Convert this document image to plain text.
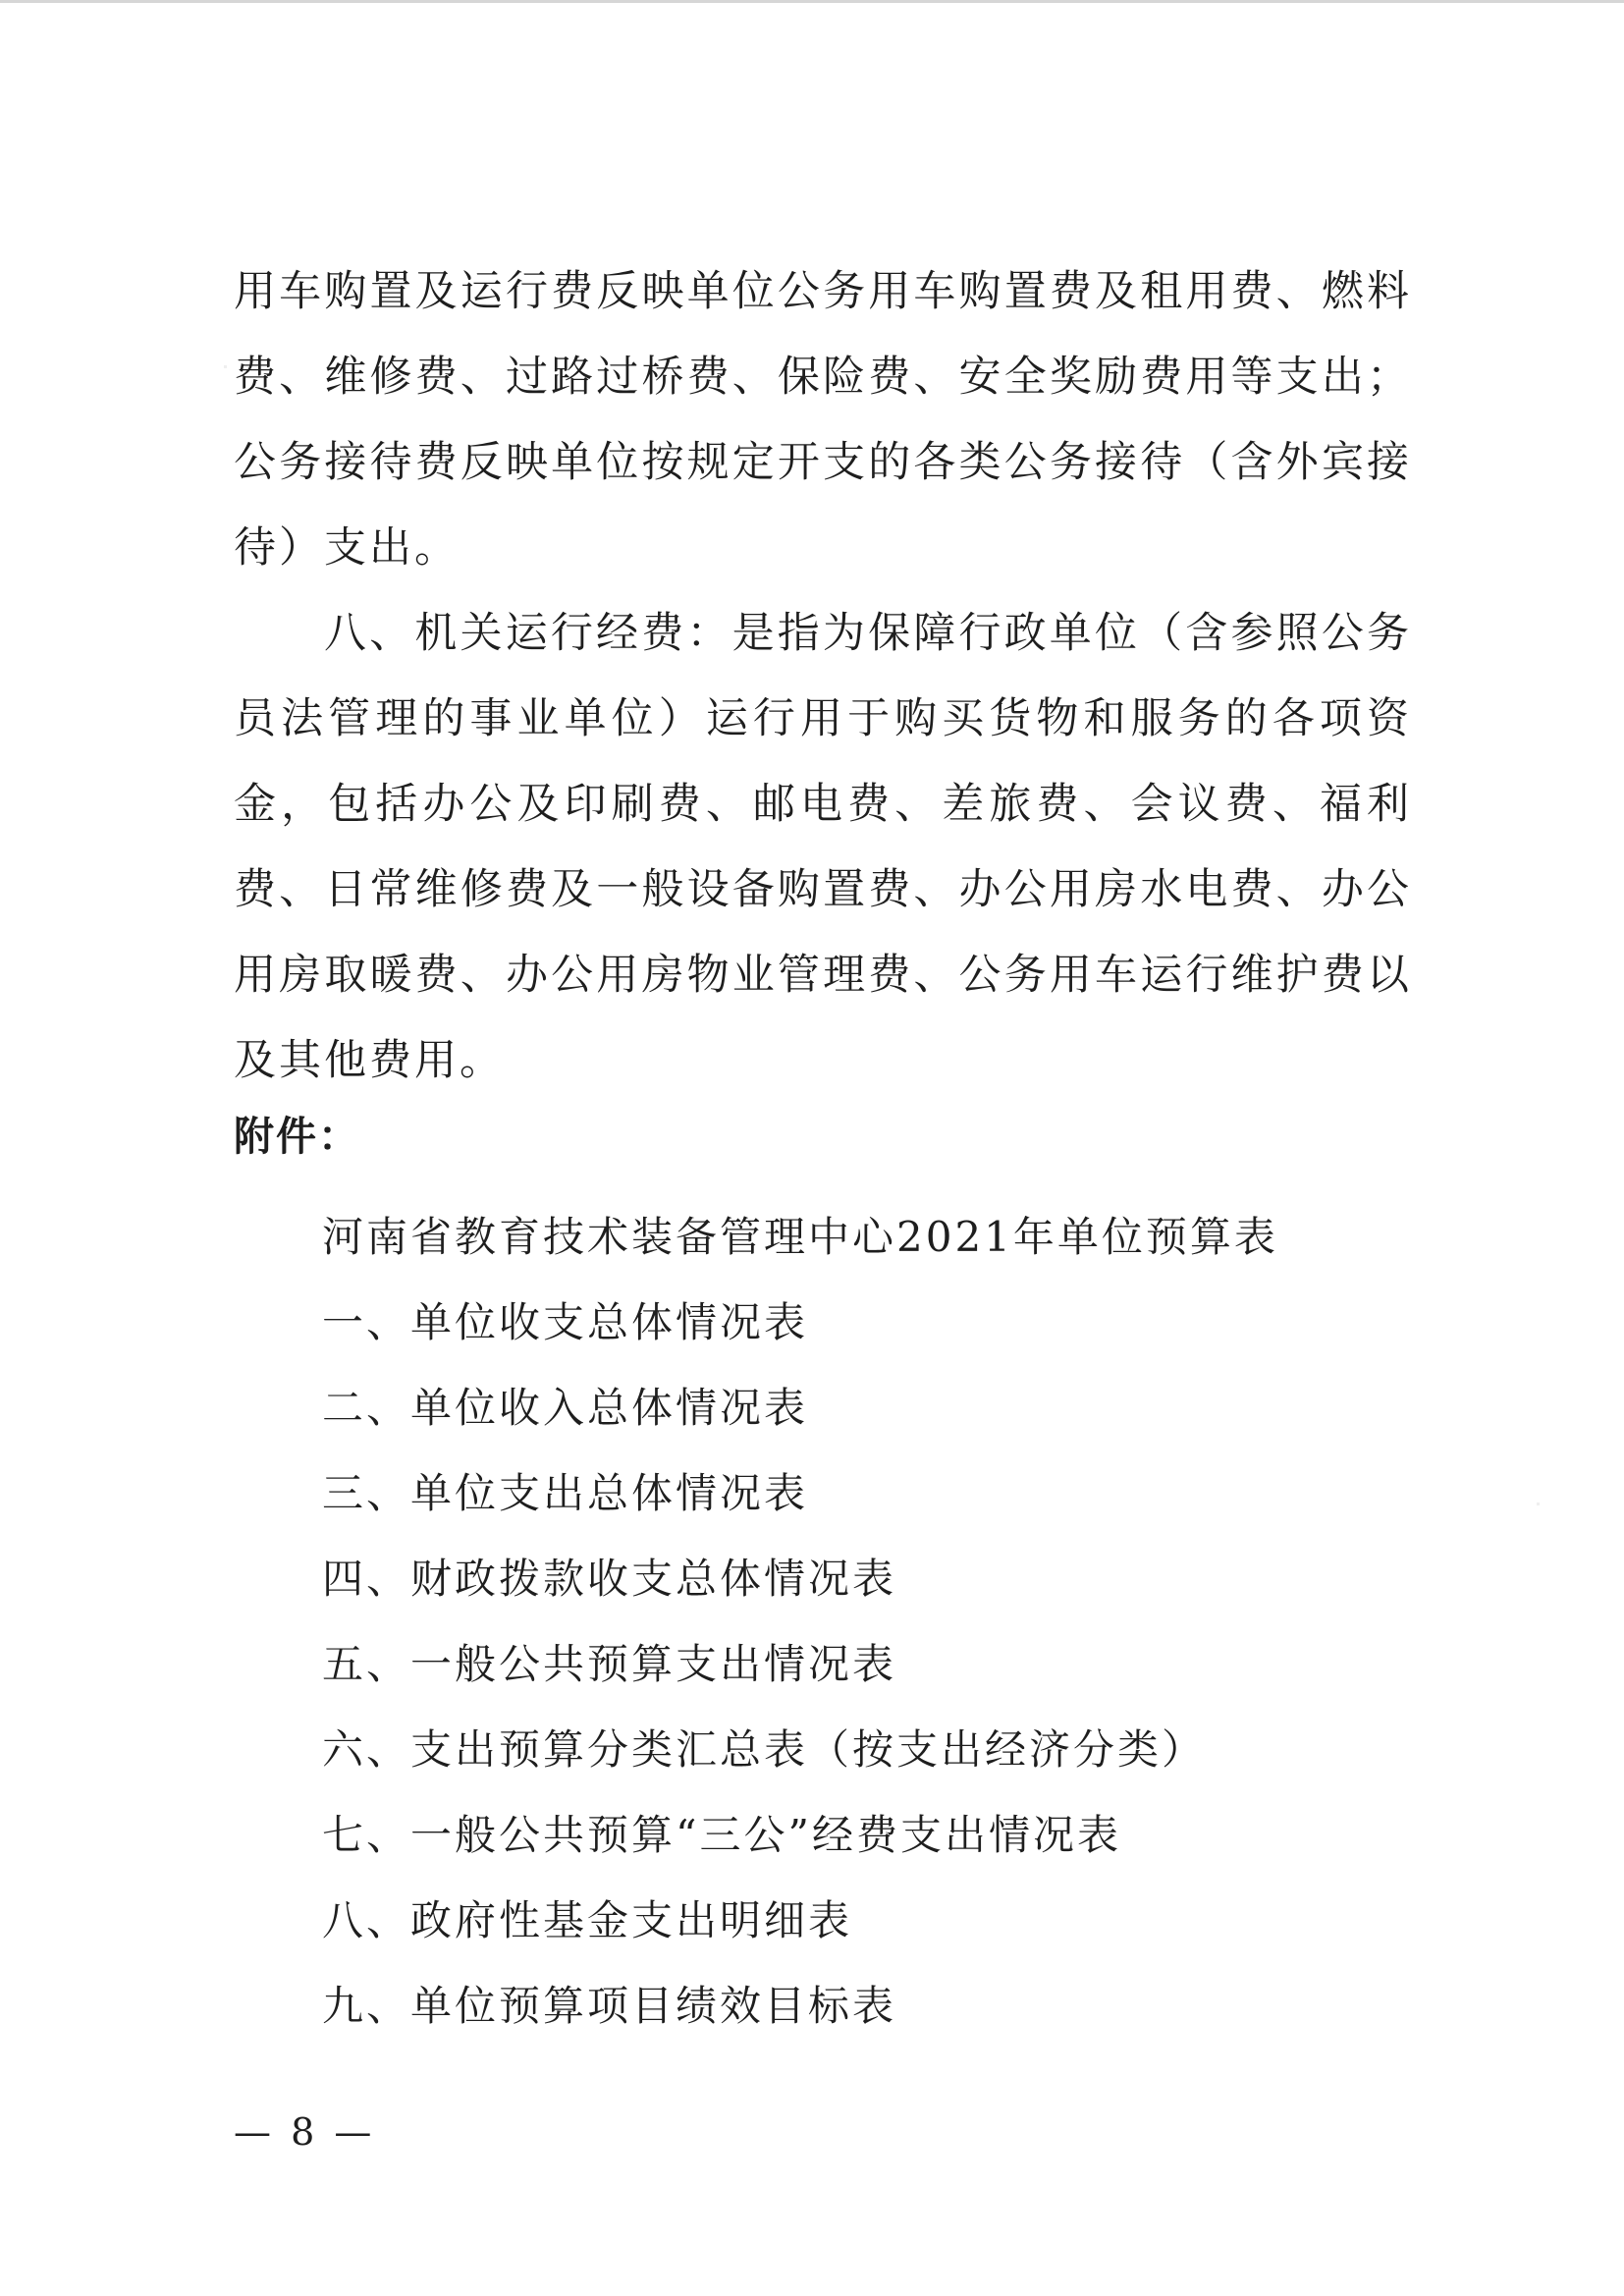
用车购置及运行费反映单位公务用车购置费及租用费、燃料费、维修费、过路过桥费、保险费、安全奖励费用等支出；公务接待费反映单位按规定开支的各类公务接待（含外宾接待）支出。

八、机关运行经费：是指为保障行政单位（含参照公务员法管理的事业单位）运行用于购买货物和服务的各项资金，包括办公及印刷费、邮电费、差旅费、会议费、福利费、日常维修费及一般设备购置费、办公用房水电费、办公用房取暖费、办公用房物业管理费、公务用车运行维护费以及其他费用。

附件：

河南省教育技术装备管理中心2021年单位预算表
一、单位收支总体情况表
二、单位收入总体情况表
三、单位支出总体情况表
四、财政拨款收支总体情况表
五、一般公共预算支出情况表
六、支出预算分类汇总表（按支出经济分类）
七、一般公共预算“三公”经费支出情况表
八、政府性基金支出明细表
九、单位预算项目绩效目标表

— 8 —
